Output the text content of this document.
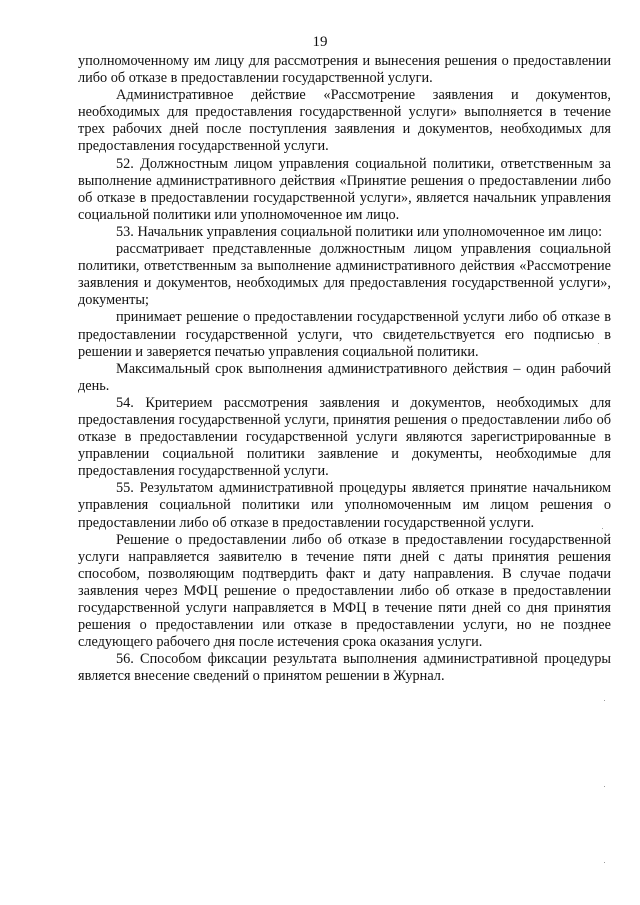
19

уполномоченному им лицу для рассмотрения и вынесения решения о предоставлении либо об отказе в предоставлении государственной услуги.

Административное действие «Рассмотрение заявления и документов, необходимых для предоставления государственной услуги» выполняется в течение трех рабочих дней после поступления заявления и документов, необходимых для предоставления государственной услуги.

52. Должностным лицом управления социальной политики, ответственным за выполнение административного действия «Принятие решения о предоставлении либо об отказе в предоставлении государственной услуги», является начальник управления социальной политики или уполномоченное им лицо.

53. Начальник управления социальной политики или уполномоченное им лицо:

рассматривает представленные должностным лицом управления социальной политики, ответственным за выполнение административного действия «Рассмотрение заявления и документов, необходимых для предоставления государственной услуги», документы;

принимает решение о предоставлении государственной услуги либо об отказе в предоставлении государственной услуги, что свидетельствуется его подписью в решении и заверяется печатью управления социальной политики.

Максимальный срок выполнения административного действия – один рабочий день.

54. Критерием рассмотрения заявления и документов, необходимых для предоставления государственной услуги, принятия решения о предоставлении либо об отказе в предоставлении государственной услуги являются зарегистрированные в управлении социальной политики заявление и документы, необходимые для предоставления государственной услуги.

55. Результатом административной процедуры является принятие начальником управления социальной политики или уполномоченным им лицом решения о предоставлении либо об отказе в предоставлении государственной услуги.

Решение о предоставлении либо об отказе в предоставлении государственной услуги направляется заявителю в течение пяти дней с даты принятия решения способом, позволяющим подтвердить факт и дату направления. В случае подачи заявления через МФЦ решение о предоставлении либо об отказе в предоставлении государственной услуги направляется в МФЦ в течение пяти дней со дня принятия решения о предоставлении или отказе в предоставлении услуги, но не позднее следующего рабочего дня после истечения срока оказания услуги.

56. Способом фиксации результата выполнения административной процедуры является внесение сведений о принятом решении в Журнал.
